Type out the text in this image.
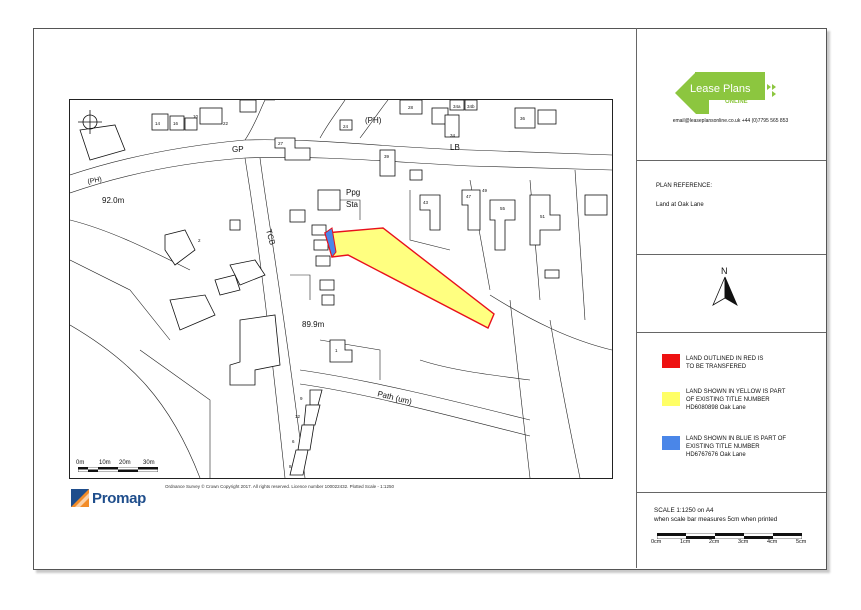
(PH)
GP	LB
(PH)
92.0m
Ppg
Sta
TCB
89.9m
Path (um)
14	16	22
28
34
34a 34b
36
24
27
39
43
49
51
55
47
2
9
12
6
8
10
1
0m 10m 20m 30m
Ordnance Survey © Crown Copyright 2017. All rights reserved. Licence number 100022432. Plotted Scale - 1:1250
Promap
Lease Plans
ONLINE
email@leaseplansonline.co.uk +44 (0)7795 565 853
PLAN REFERENCE:
Land at Oak Lane
N
LAND OUTLINED IN RED IS
TO BE TRANSFERED
LAND SHOWN IN YELLOW IS PART
OF EXISTING TITLE NUMBER
HD6080898 Oak Lane
LAND SHOWN IN BLUE IS PART OF
EXISTING TITLE NUMBER
HD6767676 Oak Lane
SCALE 1:1250 on A4
when scale bar measures 5cm when printed
0cm	1cm	2cm	3cm	4cm	5cm
